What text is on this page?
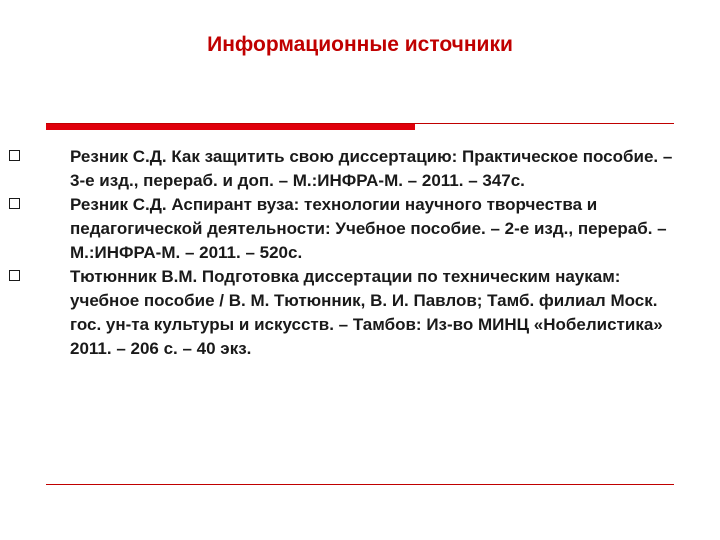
Информационные источники
Резник С.Д. Как защитить свою диссертацию: Практическое пособие. – 3-е изд., перераб. и доп. – М.:ИНФРА-М. – 2011. – 347с.
Резник С.Д. Аспирант вуза: технологии научного творчества и педагогической деятельности: Учебное пособие. – 2-е изд., перераб. – М.:ИНФРА-М. – 2011. – 520с.
Тютюнник В.М. Подготовка диссертации по техническим наукам: учебное пособие / В. М. Тютюнник, В. И. Павлов; Тамб. филиал Моск. гос. ун-та культуры и искусств. – Тамбов: Из-во МИНЦ «Нобелистика» 2011. – 206 с. – 40 экз.
